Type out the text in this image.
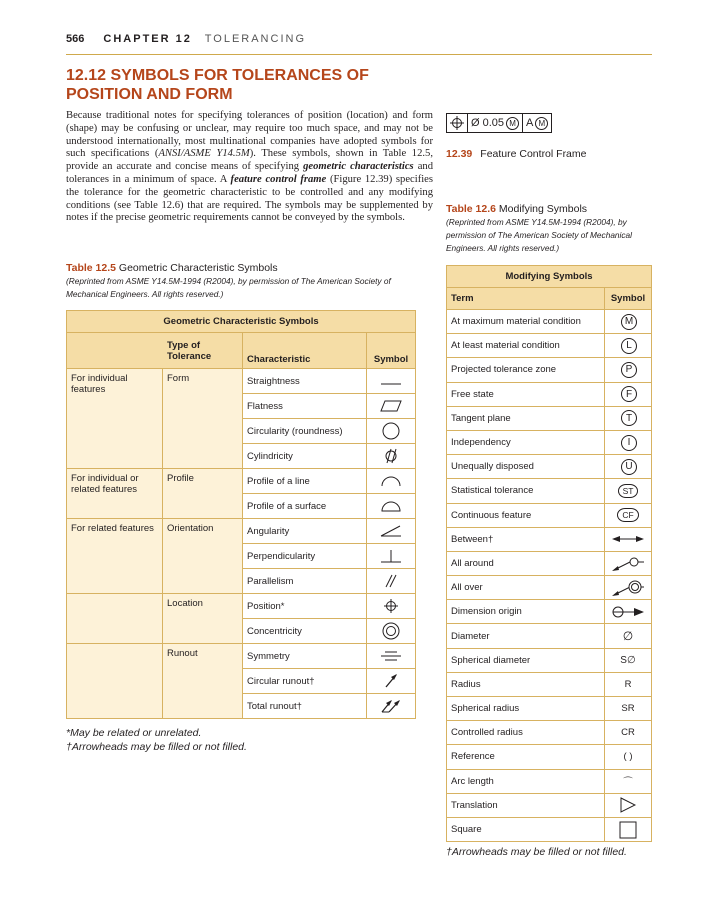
566 CHAPTER 12 TOLERANCING
12.12 SYMBOLS FOR TOLERANCES OF POSITION AND FORM
Because traditional notes for specifying tolerances of position (location) and form (shape) may be confusing or unclear, may require too much space, and may not be understood internationally, most multinational companies have adopted symbols for such specifications (ANSI/ASME Y14.5M). These symbols, shown in Table 12.5, provide an accurate and concise means of specifying geometric characteristics and tolerances in a minimum of space. A feature control frame (Figure 12.39) specifies the tolerance for the geometric characteristic to be controlled and any modifying conditions (see Table 12.6) that are required. The symbols may be supplemented by notes if the precise geometric requirements cannot be conveyed by the symbols.
Ø 0.05 M A M
12.39 Feature Control Frame
Table 12.6 Modifying Symbols
(Reprinted from ASME Y14.5M-1994 (R2004), by permission of The American Society of Mechanical Engineers. All rights reserved.)
Table 12.5 Geometric Characteristic Symbols
(Reprinted from ASME Y14.5M-1994 (R2004), by permission of The American Society of Mechanical Engineers. All rights reserved.)
Geometric Characteristic Symbols			
	Type of Tolerance	Characteristic	Symbol
For individual features	Form	Straightness	

		Flatness	

		Circularity (roundness)	

		Cylindricity	

For individual or related features	Profile	Profile of a line	

		Profile of a surface	

For related features	Orientation	Angularity	

		Perpendicularity	

		Parallelism	

	Location	Position*	

		Concentricity	

	Runout	Symmetry	

		Circular runout†	

		Total runout†	
*May be related or unrelated.
†Arrowheads may be filled or not filled.
Modifying Symbols	
Term	Symbol
At maximum material condition	M
At least material condition	L
Projected tolerance zone	P
Free state	F
Tangent plane	T
Independency	I
Unequally disposed	U
Statistical tolerance	ST
Continuous feature	CF
Between†	

All around	

All over	

Dimension origin	

Diameter	∅
Spherical diameter	S∅
Radius	R
Spherical radius	SR
Controlled radius	CR
Reference	( )
Arc length	⌒
Translation	

Square	
†Arrowheads may be filled or not filled.
